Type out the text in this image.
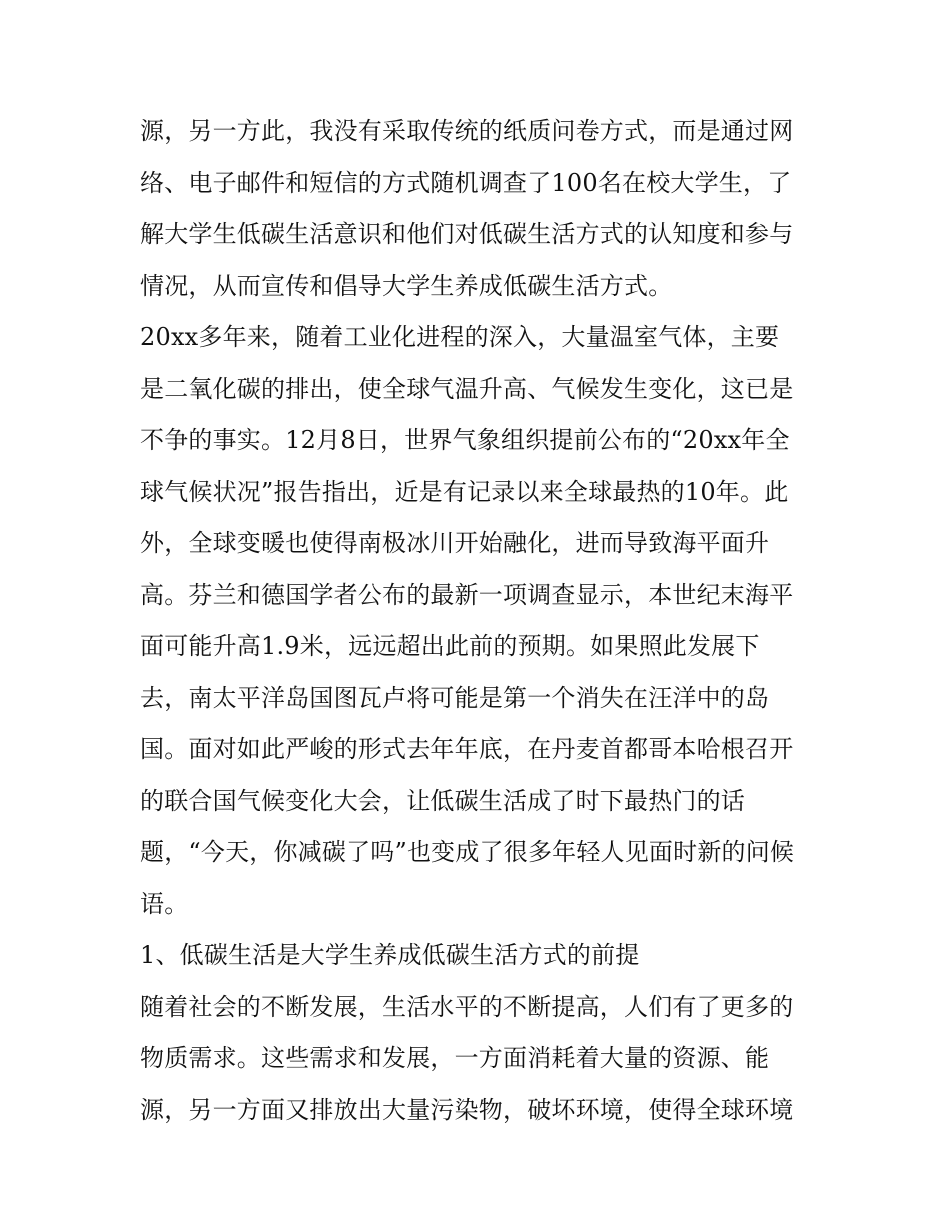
源，另一方此，我没有采取传统的纸质问卷方式，而是通过网
络、电子邮件和短信的方式随机调查了100名在校大学生，了
解大学生低碳生活意识和他们对低碳生活方式的认知度和参与
情况，从而宣传和倡导大学生养成低碳生活方式。
20xx多年来，随着工业化进程的深入，大量温室气体，主要
是二氧化碳的排出，使全球气温升高、气候发生变化，这已是
不争的事实。12月8日，世界气象组织提前公布的“20xx年全
球气候状况”报告指出，近是有记录以来全球最热的10年。此
外，全球变暖也使得南极冰川开始融化，进而导致海平面升
高。芬兰和德国学者公布的最新一项调查显示，本世纪末海平
面可能升高1.9米，远远超出此前的预期。如果照此发展下
去，南太平洋岛国图瓦卢将可能是第一个消失在汪洋中的岛
国。面对如此严峻的形式去年年底，在丹麦首都哥本哈根召开
的联合国气候变化大会，让低碳生活成了时下最热门的话
题，“今天，你减碳了吗”也变成了很多年轻人见面时新的问候
语。
1、低碳生活是大学生养成低碳生活方式的前提
随着社会的不断发展，生活水平的不断提高，人们有了更多的
物质需求。这些需求和发展，一方面消耗着大量的资源、能
源，另一方面又排放出大量污染物，破坏环境，使得全球环境
